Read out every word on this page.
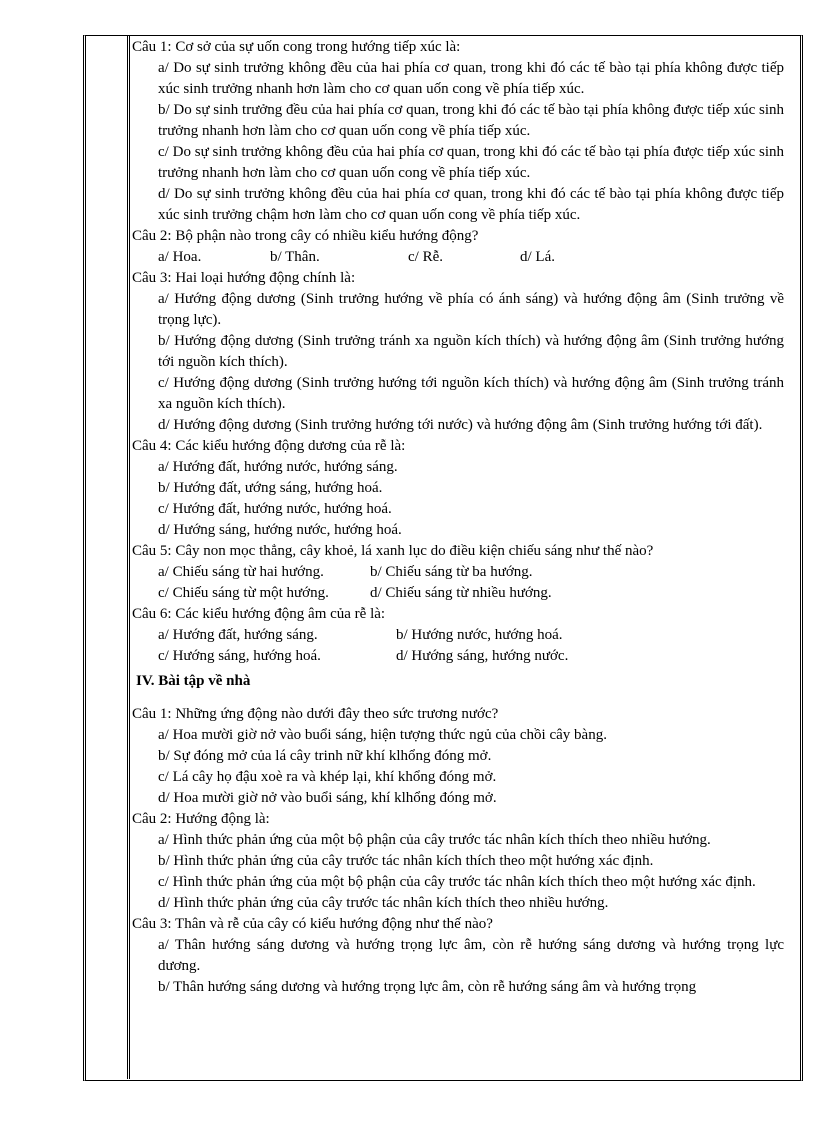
Câu 1: Cơ sở của sự uốn cong trong hướng tiếp xúc là:

a/ Do sự sinh trưởng không đều của hai phía cơ quan, trong khi đó các tế bào tại phía không được tiếp xúc sinh trưởng nhanh hơn làm cho cơ quan uốn cong về phía tiếp xúc.

b/ Do sự sinh trưởng đều của hai phía cơ quan, trong khi đó các tế bào tại phía không được tiếp xúc sinh trưởng nhanh hơn làm cho cơ quan uốn cong về phía tiếp xúc.

c/ Do sự sinh trưởng không đều của hai phía cơ quan, trong khi đó các tế bào tại phía được tiếp xúc sinh trưởng nhanh hơn làm cho cơ quan uốn cong về phía tiếp xúc.

d/ Do sự sinh trưởng không đều của hai phía cơ quan, trong khi đó các tế bào tại phía không được tiếp xúc sinh trưởng chậm hơn làm cho cơ quan uốn cong về phía tiếp xúc.

Câu 2: Bộ phận nào trong cây có nhiều kiểu hướng động?

a/ Hoa.	b/ Thân.	c/ Rễ.	d/ Lá.

Câu 3: Hai loại hướng động chính là:

a/ Hướng động dương (Sinh trưởng hướng về phía có ánh sáng) và hướng động âm (Sinh trưởng về trọng lực).

b/ Hướng động dương (Sinh trưởng tránh xa nguồn kích thích) và hướng động âm (Sinh trưởng hướng tới nguồn kích thích).

c/ Hướng động dương (Sinh trưởng hướng tới nguồn kích thích) và hướng động âm (Sinh trưởng tránh xa nguồn kích thích).

d/ Hướng động dương (Sinh trưởng hướng tới nước) và hướng động âm (Sinh trưởng hướng tới đất).

Câu 4: Các kiểu hướng động dương của rễ là:

a/ Hướng đất, hướng nước, hướng sáng.

b/ Hướng đất, ướng sáng, hướng hoá.

c/ Hướng đất, hướng nước, hướng hoá.

d/ Hướng sáng, hướng nước, hướng hoá.

Câu 5: Cây non mọc thẳng, cây khoẻ, lá xanh lục do điều kiện chiếu sáng như thế nào?

a/ Chiếu sáng từ hai hướng.	b/ Chiếu sáng từ ba hướng.
c/ Chiếu sáng từ một hướng.	d/ Chiếu sáng từ nhiều hướng.

Câu 6: Các kiểu hướng động âm của rễ là:

a/ Hướng đất, hướng sáng.	b/ Hướng nước, hướng hoá.
c/ Hướng sáng, hướng hoá.	d/ Hướng sáng, hướng nước.
IV. Bài tập về nhà

Câu 1: Những ứng động nào dưới đây theo sức trương nước?

a/ Hoa mười giờ nở vào buổi sáng, hiện tượng thức ngủ của chồi cây bàng.

b/ Sự đóng mở của lá cây trinh nữ khí klhổng đóng mở.

c/ Lá cây họ đậu xoè ra và khép lại, khí khổng đóng mở.

d/ Hoa mười giờ nở vào buổi sáng, khí klhổng đóng mở.

Câu 2: Hướng động là:

a/ Hình thức phản ứng của một bộ phận của cây trước tác nhân kích thích theo nhiều hướng.

b/ Hình thức phản ứng của cây trước tác nhân kích thích theo một hướng xác định.

c/ Hình thức phản ứng của một bộ phận của cây trước tác nhân kích thích theo một hướng xác định.

d/ Hình thức phản ứng của cây trước tác nhân kích thích theo nhiều hướng.

Câu 3: Thân và rễ của cây có kiểu hướng động như thế nào?

a/ Thân hướng sáng dương và hướng trọng lực âm, còn rễ hướng sáng dương và hướng trọng lực dương.

b/ Thân hướng sáng dương và hướng trọng lực âm, còn rễ hướng sáng âm và hướng trọng
